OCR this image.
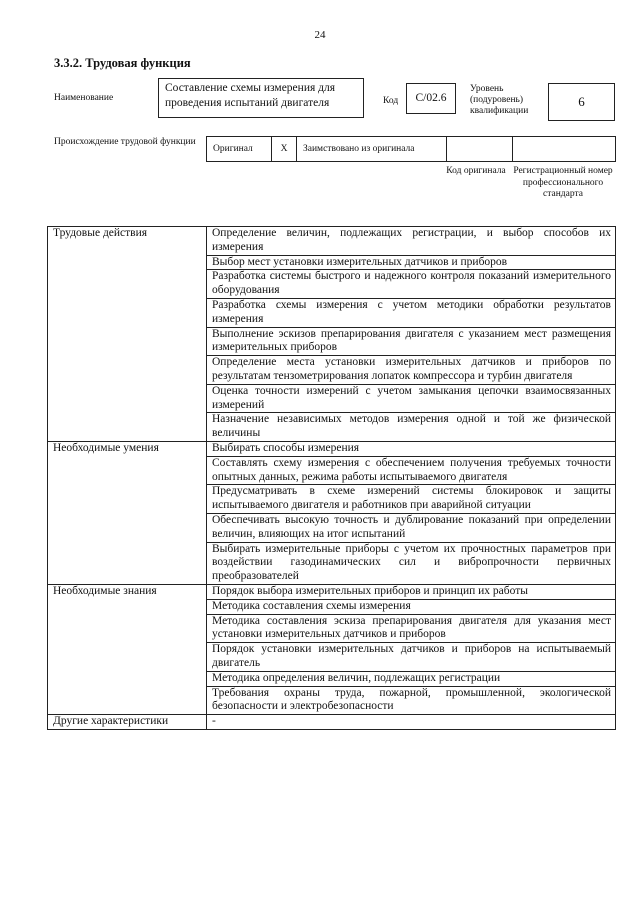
24
3.3.2. Трудовая функция
Наименование
Составление схемы измерения для проведения испытаний двигателя	Код	С/02.6
Уровень (подуровень) квалификации
6
Происхождение трудовой функции
Оригинал	X	Заимствовано из оригинала
Код оригинала Регистрационный номер профессионального стандарта
Трудовые действия	Определение величин, подлежащих регистрации, и выбор способов их измерения
	Выбор мест установки измерительных датчиков и приборов
	Разработка системы быстрого и надежного контроля показаний измерительного оборудования
	Разработка схемы измерения с учетом методики обработки результатов измерения
	Выполнение эскизов препарирования двигателя с указанием мест размещения измерительных приборов
	Определение места установки измерительных датчиков и приборов по результатам тензометрирования лопаток компрессора и турбин двигателя
	Оценка точности измерений с учетом замыкания цепочки взаимосвязанных измерений
	Назначение независимых методов измерения одной и той же физической величины
Необходимые умения	Выбирать способы измерения
	Составлять схему измерения с обеспечением получения требуемых точности опытных данных, режима работы испытываемого двигателя
	Предусматривать в схеме измерений системы блокировок и защиты испытываемого двигателя и работников при аварийной ситуации
	Обеспечивать высокую точность и дублирование показаний при определении величин, влияющих на итог испытаний
	Выбирать измерительные приборы с учетом их прочностных параметров при воздействии газодинамических сил и вибропрочности первичных преобразователей
Необходимые знания	Порядок выбора измерительных приборов и принцип их работы
	Методика составления схемы измерения
	Методика составления эскиза препарирования двигателя для указания мест установки измерительных датчиков и приборов
	Порядок установки измерительных датчиков и приборов на испытываемый двигатель
	Методика определения величин, подлежащих регистрации
	Требования охраны труда, пожарной, промышленной, экологической безопасности и электробезопасности
Другие характеристики	-
